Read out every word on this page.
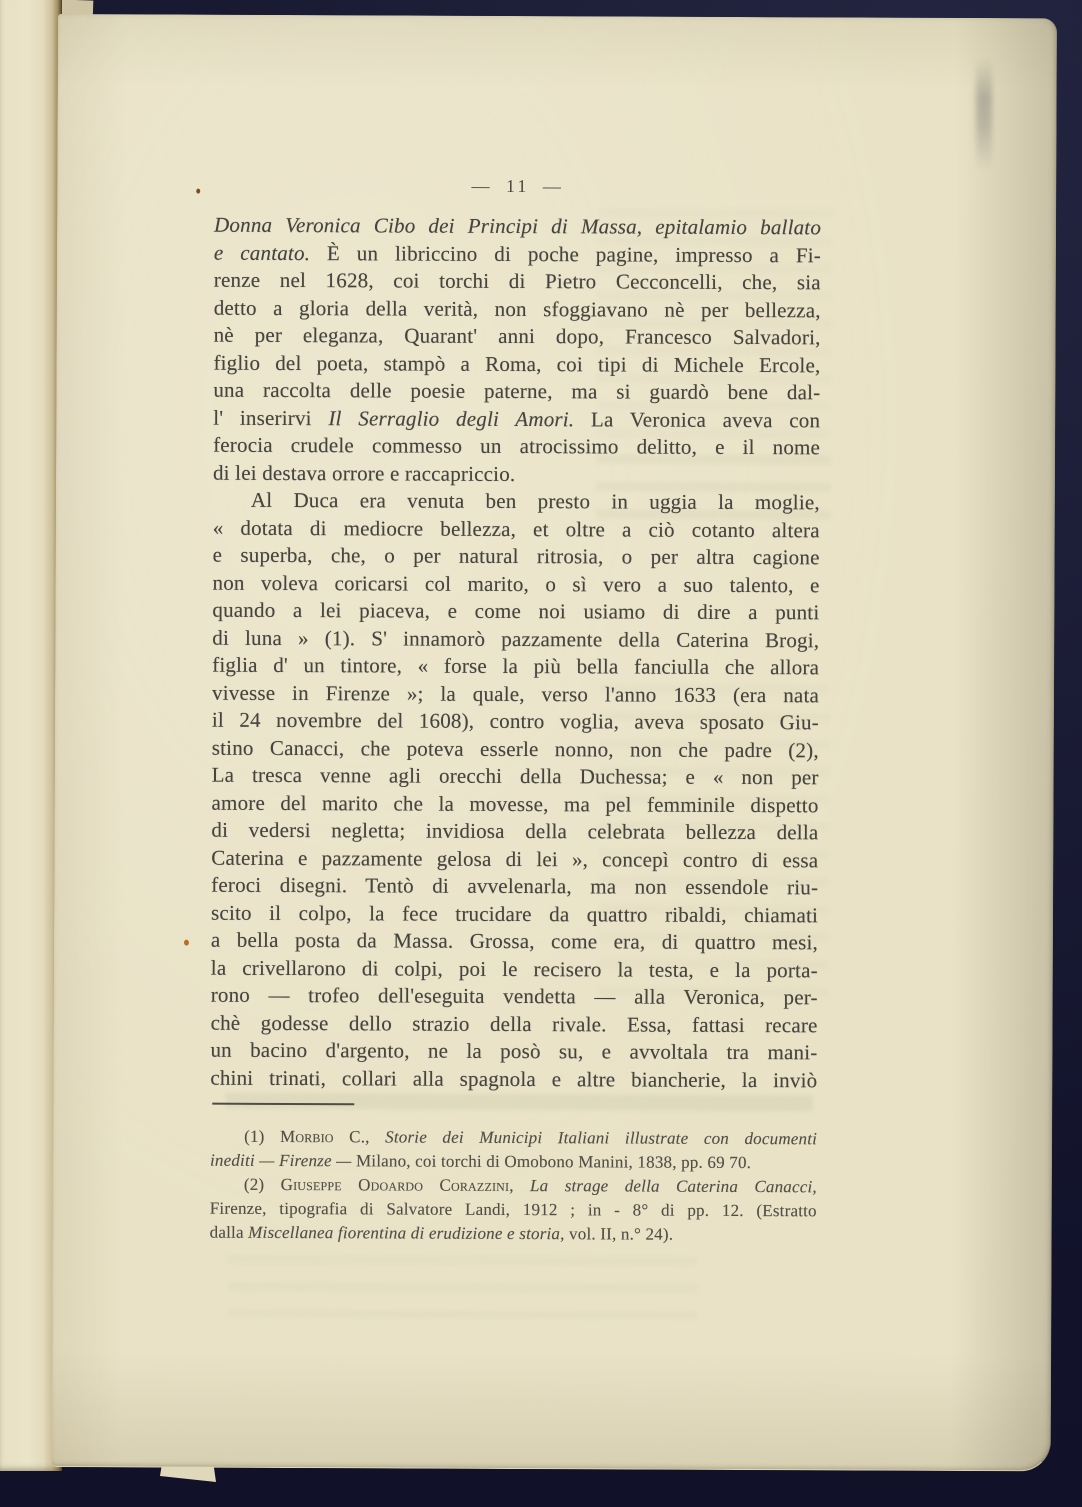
— 11 —
Donna Veronica Cibo dei Principi di Massa, epitalamio ballato
e cantato. È un libriccino di poche pagine, impresso a Fi-
renze nel 1628, coi torchi di Pietro Cecconcelli, che, sia
detto a gloria della verità, non sfoggiavano nè per bellezza,
nè per eleganza, Quarant' anni dopo, Francesco Salvadori,
figlio del poeta, stampò a Roma, coi tipi di Michele Ercole,
una raccolta delle poesie paterne, ma si guardò bene dal-
l' inserirvi Il Serraglio degli Amori. La Veronica aveva con
ferocia crudele commesso un atrocissimo delitto, e il nome
di lei destava orrore e raccapriccio.
Al Duca era venuta ben presto in uggia la moglie,
« dotata di mediocre bellezza, et oltre a ciò cotanto altera
e superba, che, o per natural ritrosia, o per altra cagione
non voleva coricarsi col marito, o sì vero a suo talento, e
quando a lei piaceva, e come noi usiamo di dire a punti
di luna » (1). S' innamorò pazzamente della Caterina Brogi,
figlia d' un tintore, « forse la più bella fanciulla che allora
vivesse in Firenze »; la quale, verso l'anno 1633 (era nata
il 24 novembre del 1608), contro voglia, aveva sposato Giu-
stino Canacci, che poteva esserle nonno, non che padre (2),
La tresca venne agli orecchi della Duchessa; e « non per
amore del marito che la movesse, ma pel femminile dispetto
di vedersi negletta; invidiosa della celebrata bellezza della
Caterina e pazzamente gelosa di lei », concepì contro di essa
feroci disegni. Tentò di avvelenarla, ma non essendole riu-
scito il colpo, la fece trucidare da quattro ribaldi, chiamati
a bella posta da Massa. Grossa, come era, di quattro mesi,
la crivellarono di colpi, poi le recisero la testa, e la porta-
rono — trofeo dell'eseguita vendetta — alla Veronica, per-
chè godesse dello strazio della rivale. Essa, fattasi recare
un bacino d'argento, ne la posò su, e avvoltala tra mani-
chini trinati, collari alla spagnola e altre biancherie, la inviò
(1) Morbio C., Storie dei Municipi Italiani illustrate con documenti
inediti — Firenze — Milano, coi torchi di Omobono Manini, 1838, pp. 69 70.
(2) Giuseppe Odoardo Corazzini, La strage della Caterina Canacci,
Firenze, tipografia di Salvatore Landi, 1912 ; in - 8° di pp. 12. (Estratto
dalla Miscellanea fiorentina di erudizione e storia, vol. II, n.° 24).
